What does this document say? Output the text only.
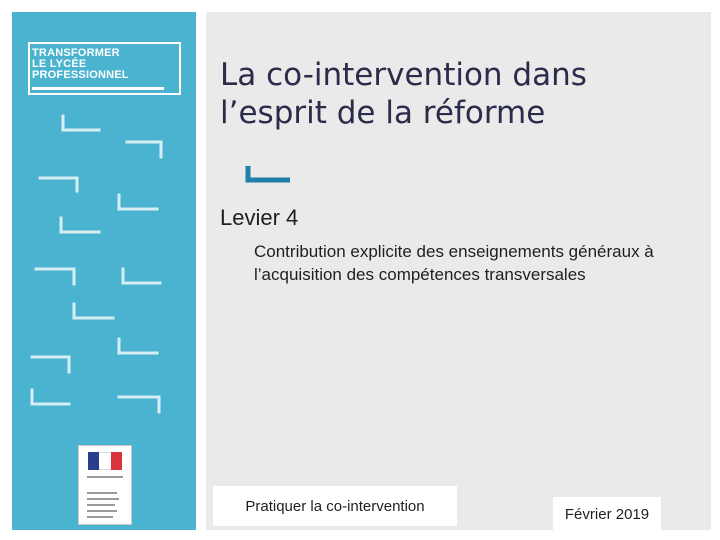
TRANSFORMER
LE LYCÉE
PROFESSIONNEL	La co-intervention dans
l’esprit de la réforme
Levier 4

Contribution explicite des enseignements généraux à l’acquisition des compétences transversales

Pratiquer la co-intervention	Février 2019
